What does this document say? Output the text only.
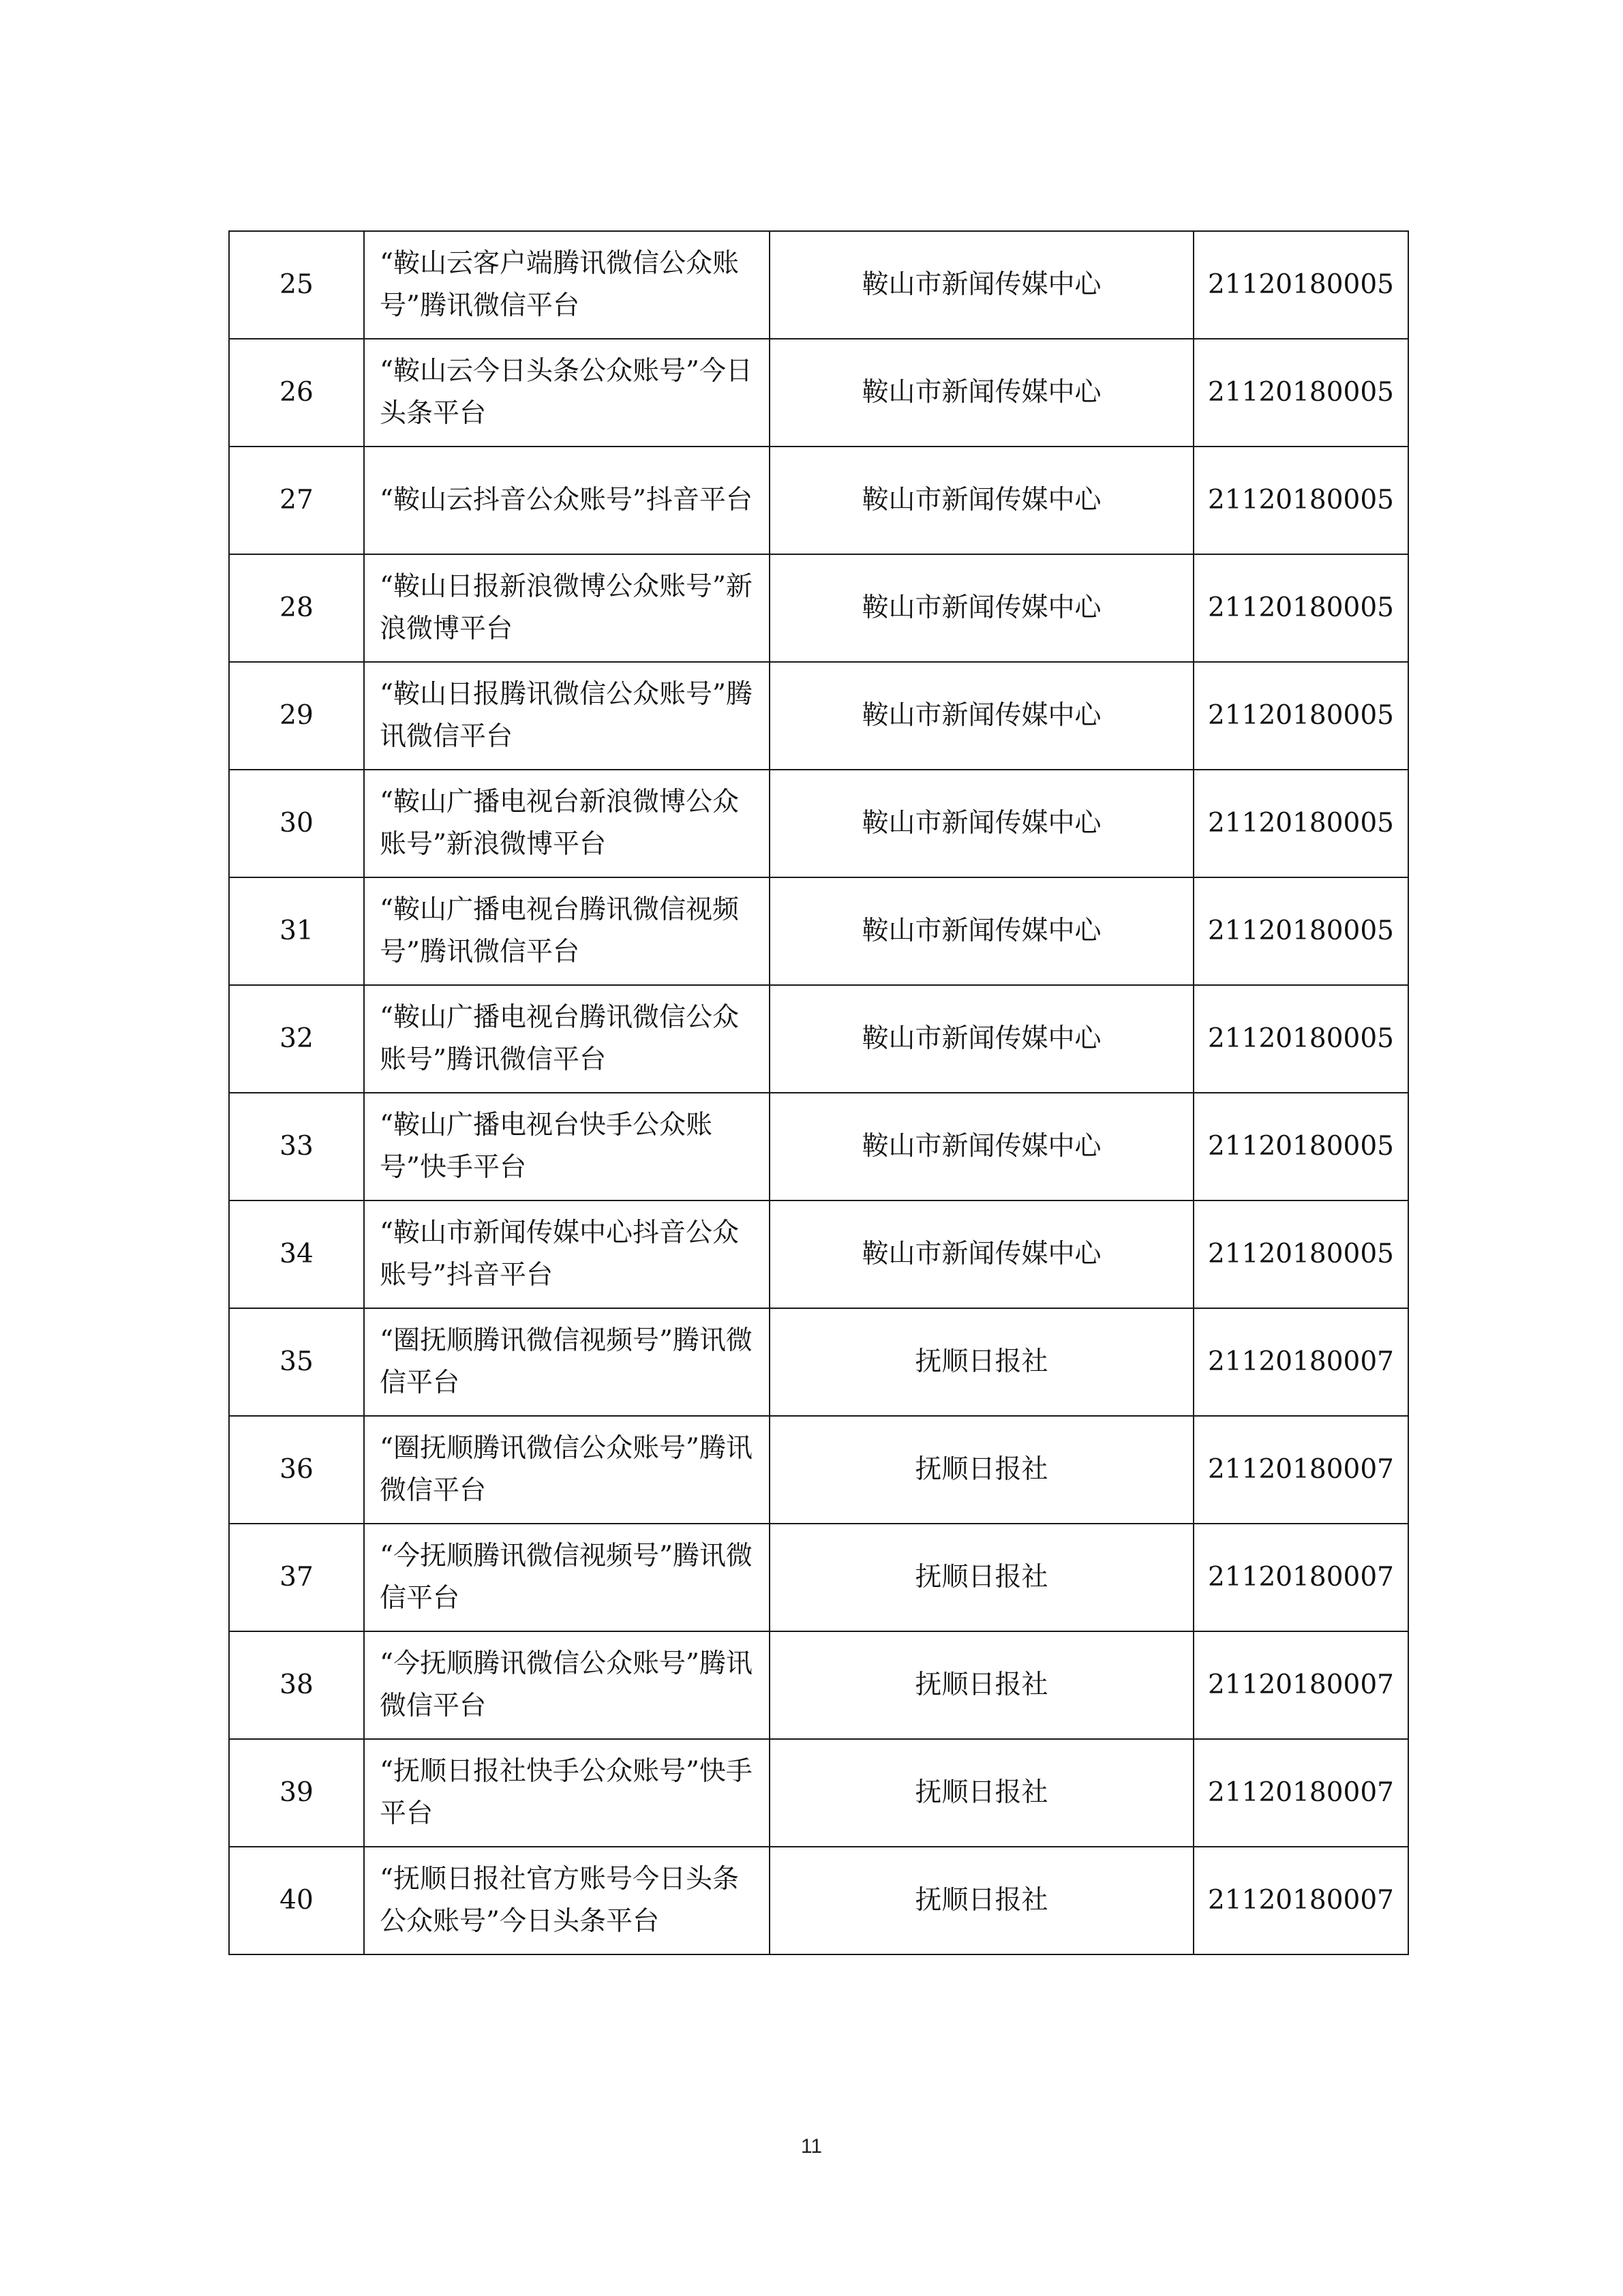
25	“鞍山云客户端腾讯微信公众账号”腾讯微信平台	鞍山市新闻传媒中心	21120180005
26	“鞍山云今日头条公众账号”今日头条平台	鞍山市新闻传媒中心	21120180005
27	“鞍山云抖音公众账号”抖音平台	鞍山市新闻传媒中心	21120180005
28	“鞍山日报新浪微博公众账号”新浪微博平台	鞍山市新闻传媒中心	21120180005
29	“鞍山日报腾讯微信公众账号”腾讯微信平台	鞍山市新闻传媒中心	21120180005
30	“鞍山广播电视台新浪微博公众账号”新浪微博平台	鞍山市新闻传媒中心	21120180005
31	“鞍山广播电视台腾讯微信视频号”腾讯微信平台	鞍山市新闻传媒中心	21120180005
32	“鞍山广播电视台腾讯微信公众账号”腾讯微信平台	鞍山市新闻传媒中心	21120180005
33	“鞍山广播电视台快手公众账号”快手平台	鞍山市新闻传媒中心	21120180005
34	“鞍山市新闻传媒中心抖音公众账号”抖音平台	鞍山市新闻传媒中心	21120180005
35	“圈抚顺腾讯微信视频号”腾讯微信平台	抚顺日报社	21120180007
36	“圈抚顺腾讯微信公众账号”腾讯微信平台	抚顺日报社	21120180007
37	“今抚顺腾讯微信视频号”腾讯微信平台	抚顺日报社	21120180007
38	“今抚顺腾讯微信公众账号”腾讯微信平台	抚顺日报社	21120180007
39	“抚顺日报社快手公众账号”快手平台	抚顺日报社	21120180007
40	“抚顺日报社官方账号今日头条公众账号”今日头条平台	抚顺日报社	21120180007
11
